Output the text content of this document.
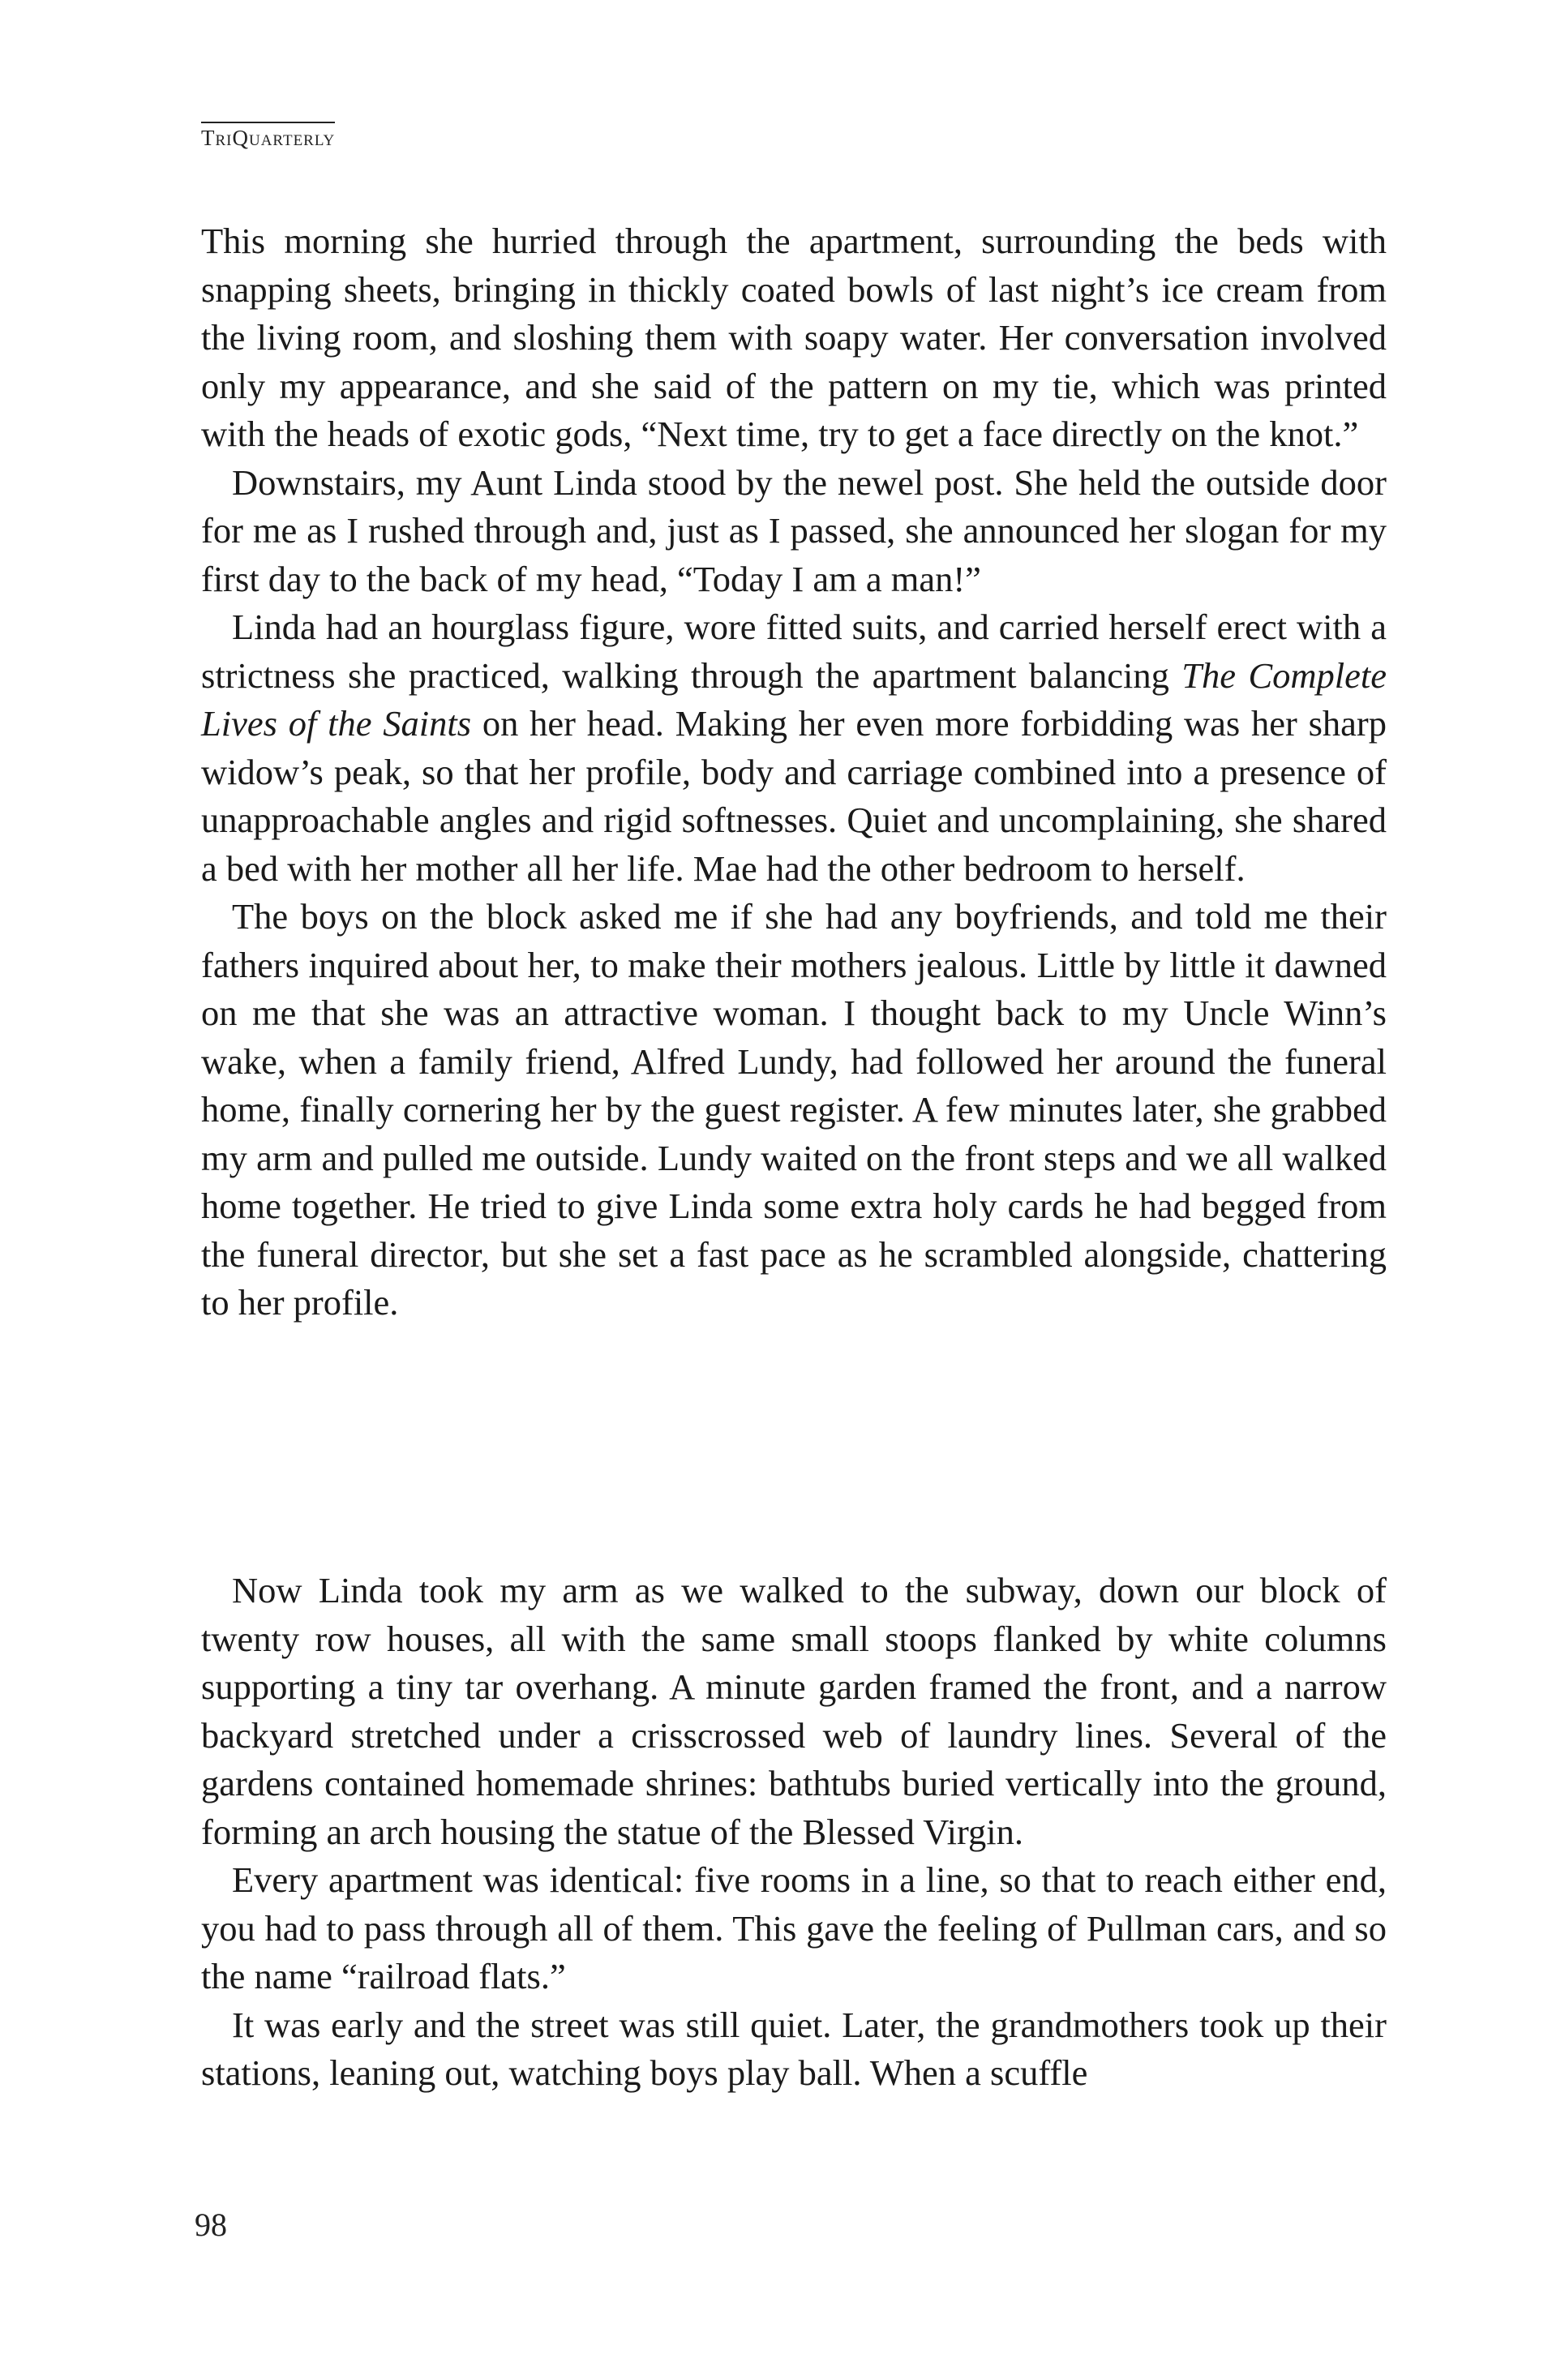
TriQuarterly

This morning she hurried through the apartment, surrounding the beds with snapping sheets, bringing in thickly coated bowls of last night’s ice cream from the living room, and sloshing them with soapy water. Her conversation involved only my appearance, and she said of the pattern on my tie, which was printed with the heads of exotic gods, “Next time, try to get a face directly on the knot.”

Downstairs, my Aunt Linda stood by the newel post. She held the outside door for me as I rushed through and, just as I passed, she announced her slogan for my first day to the back of my head, “Today I am a man!”

Linda had an hourglass figure, wore fitted suits, and carried herself erect with a strictness she practiced, walking through the apartment balancing The Complete Lives of the Saints on her head. Making her even more forbidding was her sharp widow’s peak, so that her profile, body and carriage combined into a presence of unapproachable angles and rigid softnesses. Quiet and uncomplaining, she shared a bed with her mother all her life. Mae had the other bedroom to herself.

The boys on the block asked me if she had any boyfriends, and told me their fathers inquired about her, to make their mothers jealous. Little by little it dawned on me that she was an attractive woman. I thought back to my Uncle Winn’s wake, when a family friend, Alfred Lundy, had followed her around the funeral home, finally cornering her by the guest register. A few minutes later, she grabbed my arm and pulled me outside. Lundy waited on the front steps and we all walked home together. He tried to give Linda some extra holy cards he had begged from the funeral director, but she set a fast pace as he scrambled alongside, chattering to her profile.

Now Linda took my arm as we walked to the subway, down our block of twenty row houses, all with the same small stoops flanked by white columns supporting a tiny tar overhang. A minute garden framed the front, and a narrow backyard stretched under a crisscrossed web of laundry lines. Several of the gardens contained homemade shrines: bathtubs buried vertically into the ground, forming an arch housing the statue of the Blessed Virgin.

Every apartment was identical: five rooms in a line, so that to reach either end, you had to pass through all of them. This gave the feeling of Pullman cars, and so the name “railroad flats.”

It was early and the street was still quiet. Later, the grandmothers took up their stations, leaning out, watching boys play ball. When a scuffle

98
